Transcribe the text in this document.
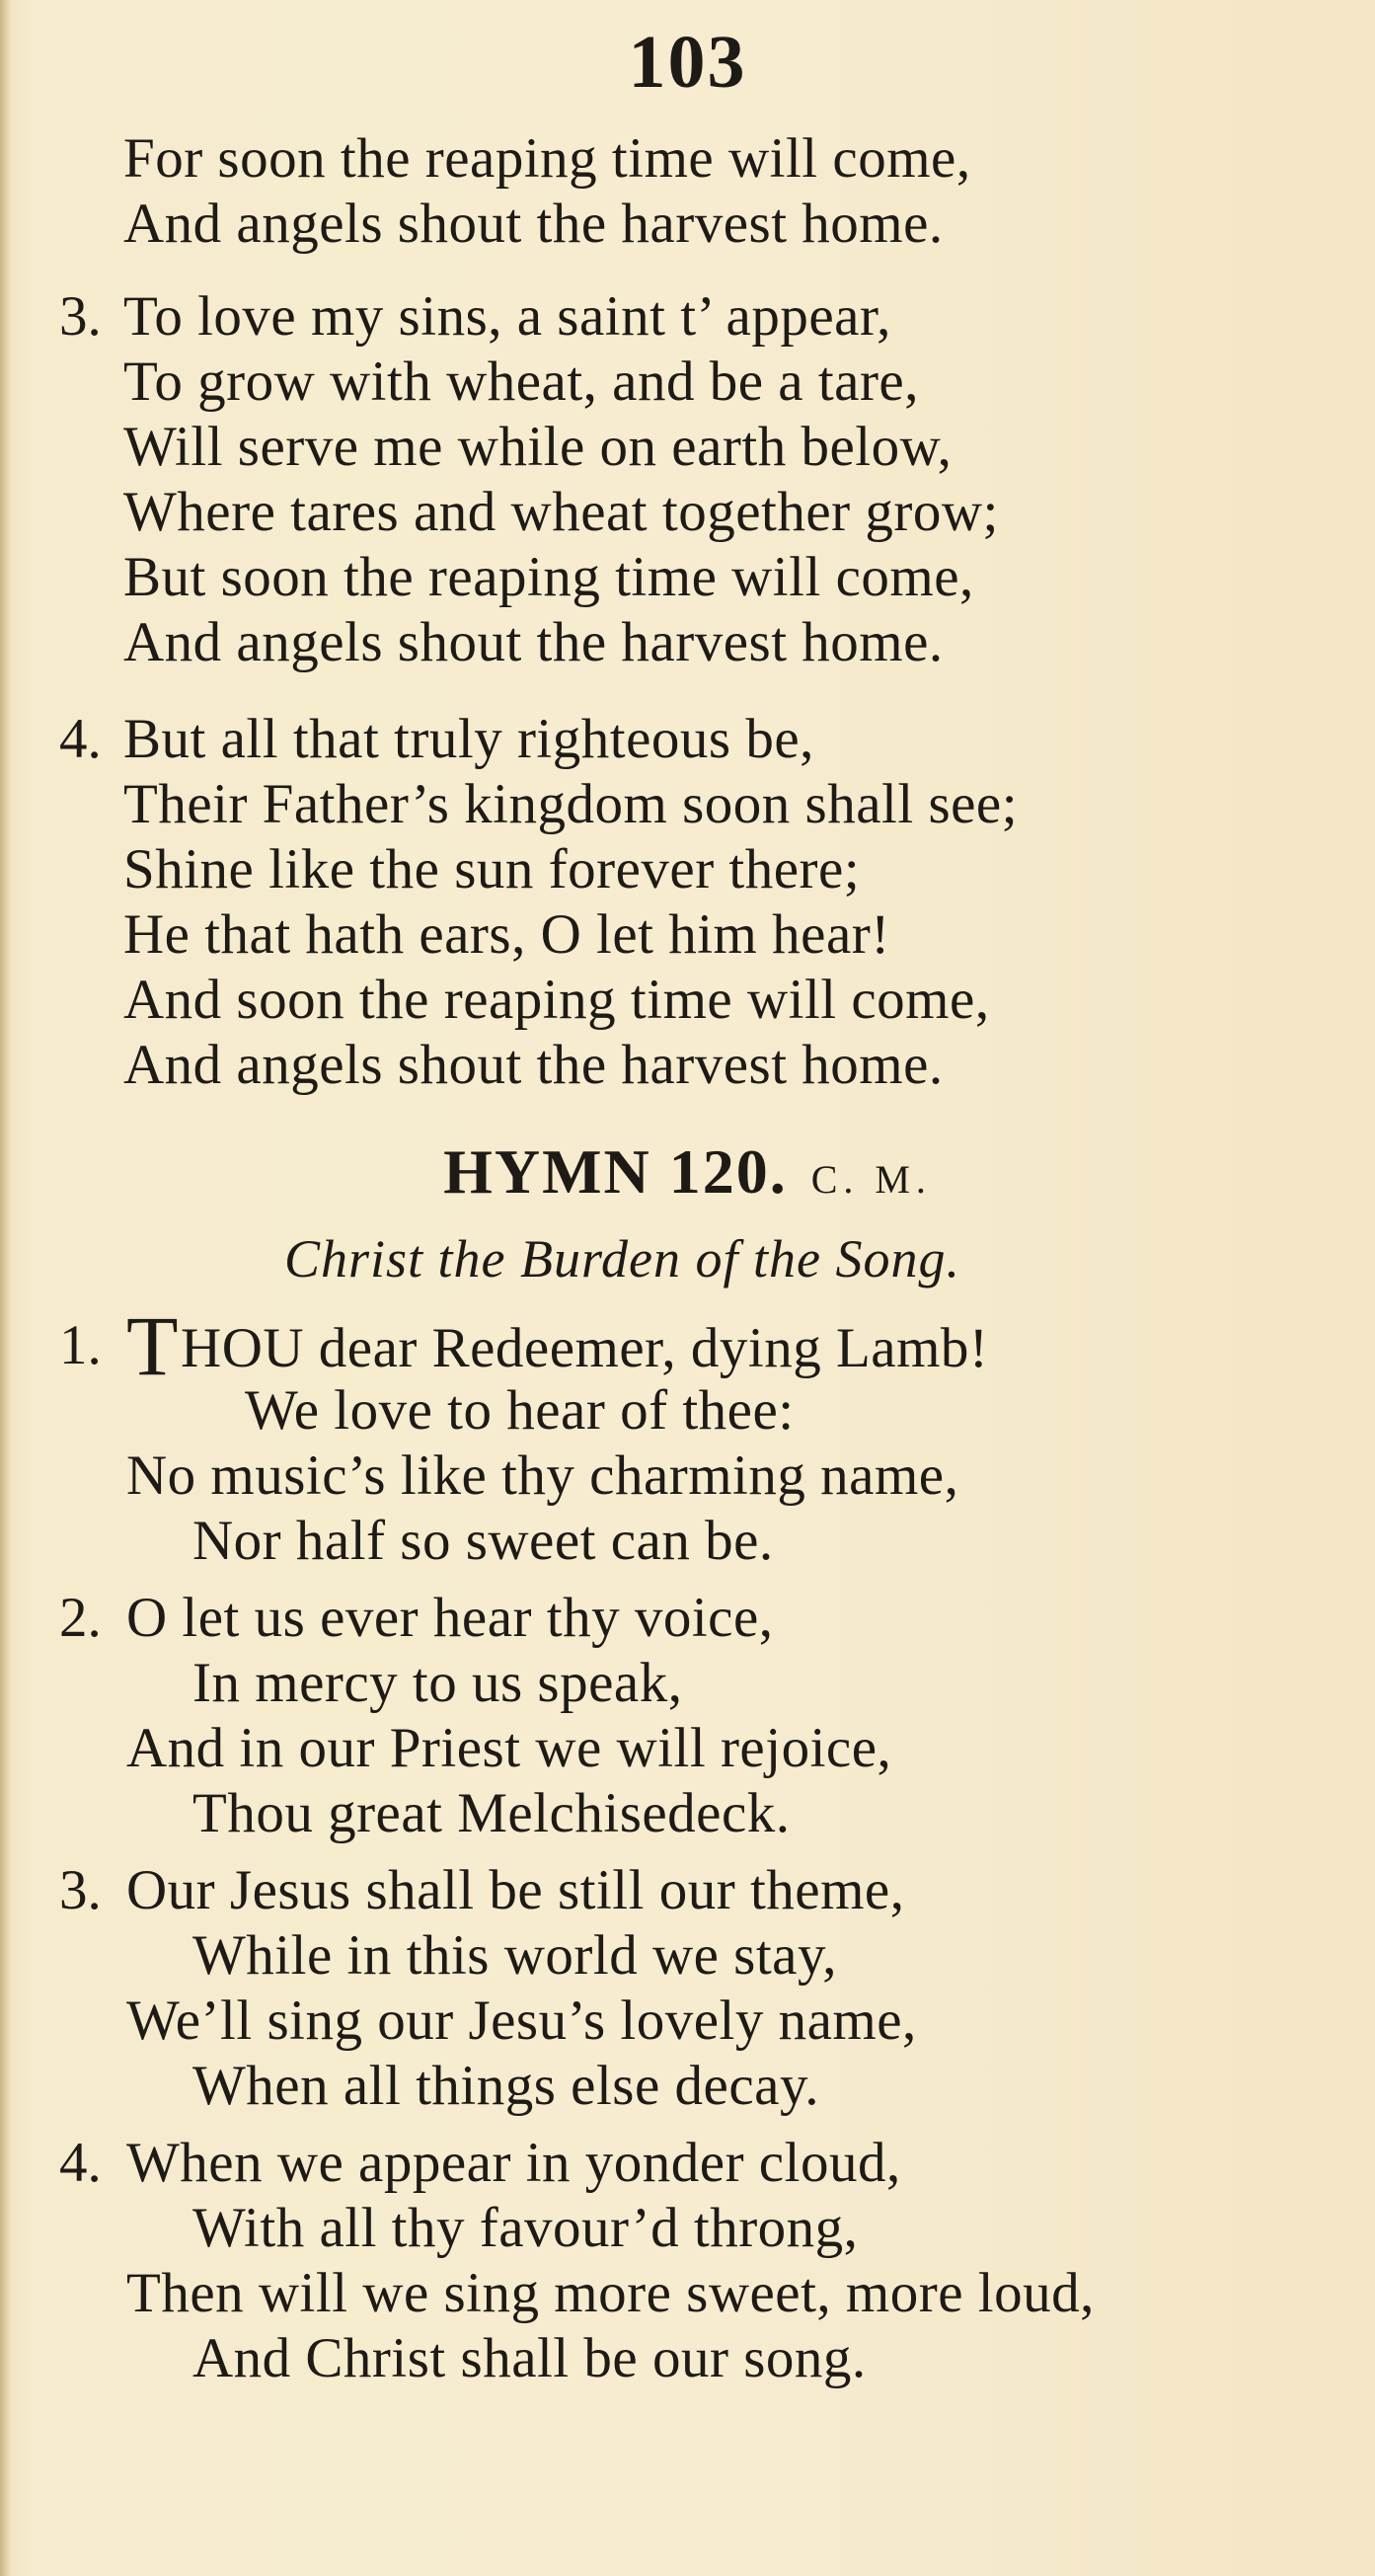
103
For soon the reaping time will come,
And angels shout the harvest home.
3. To love my sins, a saint t’ appear,
To grow with wheat, and be a tare,
Will serve me while on earth below,
Where tares and wheat together grow;
But soon the reaping time will come,
And angels shout the harvest home.
4. But all that truly righteous be,
Their Father’s kingdom soon shall see;
Shine like the sun forever there;
He that hath ears, O let him hear!
And soon the reaping time will come,
And angels shout the harvest home.
HYMN 120. C. M.
Christ the Burden of the Song.
1. THOU dear Redeemer, dying Lamb!
We love to hear of thee:
No music’s like thy charming name,
Nor half so sweet can be.
2. O let us ever hear thy voice,
In mercy to us speak,
And in our Priest we will rejoice,
Thou great Melchisedeck.
3. Our Jesus shall be still our theme,
While in this world we stay,
We’ll sing our Jesu’s lovely name,
When all things else decay.
4. When we appear in yonder cloud,
With all thy favour’d throng,
Then will we sing more sweet, more loud,
And Christ shall be our song.
